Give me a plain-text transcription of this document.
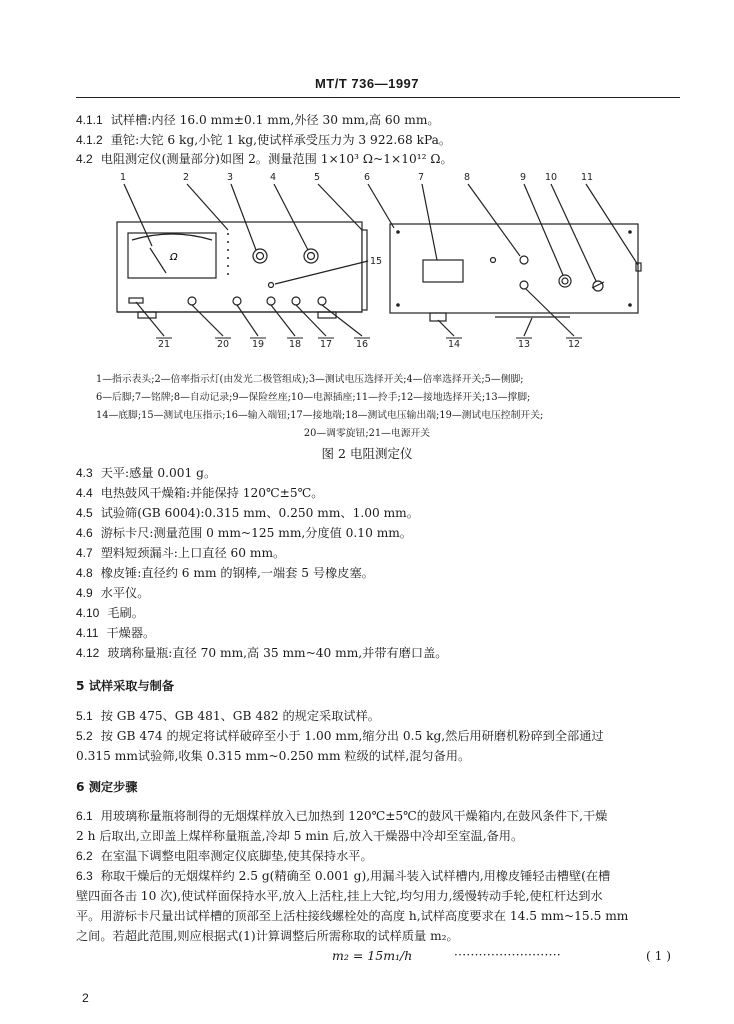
MT/T 736—1997
4.1.1 试样槽:内径 16.0 mm±0.1 mm,外径 30 mm,高 60 mm。
4.1.2 重铊:大铊 6 kg,小铊 1 kg,使试样承受压力为 3 922.68 kPa。
4.2 电阻测定仪(测量部分)如图 2。测量范围 1×10³ Ω~1×10¹² Ω。
Ω
1	2	3	4	5	6	7	8	9 10	11
15
21	20 19	18 17	16	14	13	12
1—指示表头;2—倍率指示灯(由发光二极管组成);3—测试电压选择开关;4—倍率选择开关;5—侧脚;
6—后脚;7—铭牌;8—自动记录;9—保险丝座;10—电源插座;11—拎手;12—接地选择开关;13—撑脚;
14—底脚;15—测试电压指示;16—输入端钮;17—接地端;18—测试电压输出端;19—测试电压控制开关;
20—调零旋钮;21—电源开关
图 2 电阻测定仪
4.3 天平:感量 0.001 g。
4.4 电热鼓风干燥箱:并能保持 120℃±5℃。
4.5 试验筛(GB 6004):0.315 mm、0.250 mm、1.00 mm。
4.6 游标卡尺:测量范围 0 mm~125 mm,分度值 0.10 mm。
4.7 塑料短颈漏斗:上口直径 60 mm。
4.8 橡皮锤:直径约 6 mm 的钢棒,一端套 5 号橡皮塞。
4.9 水平仪。
4.10 毛刷。
4.11 干燥器。
4.12 玻璃称量瓶:直径 70 mm,高 35 mm~40 mm,并带有磨口盖。
5 试样采取与制备
5.1 按 GB 475、GB 481、GB 482 的规定采取试样。
5.2 按 GB 474 的规定将试样破碎至小于 1.00 mm,缩分出 0.5 kg,然后用研磨机粉碎到全部通过
0.315 mm试验筛,收集 0.315 mm~0.250 mm 粒级的试样,混匀备用。
6 测定步骤
6.1 用玻璃称量瓶将制得的无烟煤样放入已加热到 120℃±5℃的鼓风干燥箱内,在鼓风条件下,干燥
2 h 后取出,立即盖上煤样称量瓶盖,冷却 5 min 后,放入干燥器中冷却至室温,备用。
6.2 在室温下调整电阻率测定仪底脚垫,使其保持水平。
6.3 称取干燥后的无烟煤样约 2.5 g(精确至 0.001 g),用漏斗装入试样槽内,用橡皮锤轻击槽壁(在槽
壁四面各击 10 次),使试样面保持水平,放入上活柱,挂上大铊,均匀用力,缓慢转动手轮,使杠杆达到水
平。用游标卡尺量出试样槽的顶部至上活柱接线螺栓处的高度 h,试样高度要求在 14.5 mm~15.5 mm
之间。若超此范围,则应根据式(1)计算调整后所需称取的试样质量 m₂。
m₂ = 15m₁/h	··························	( 1 )
2
